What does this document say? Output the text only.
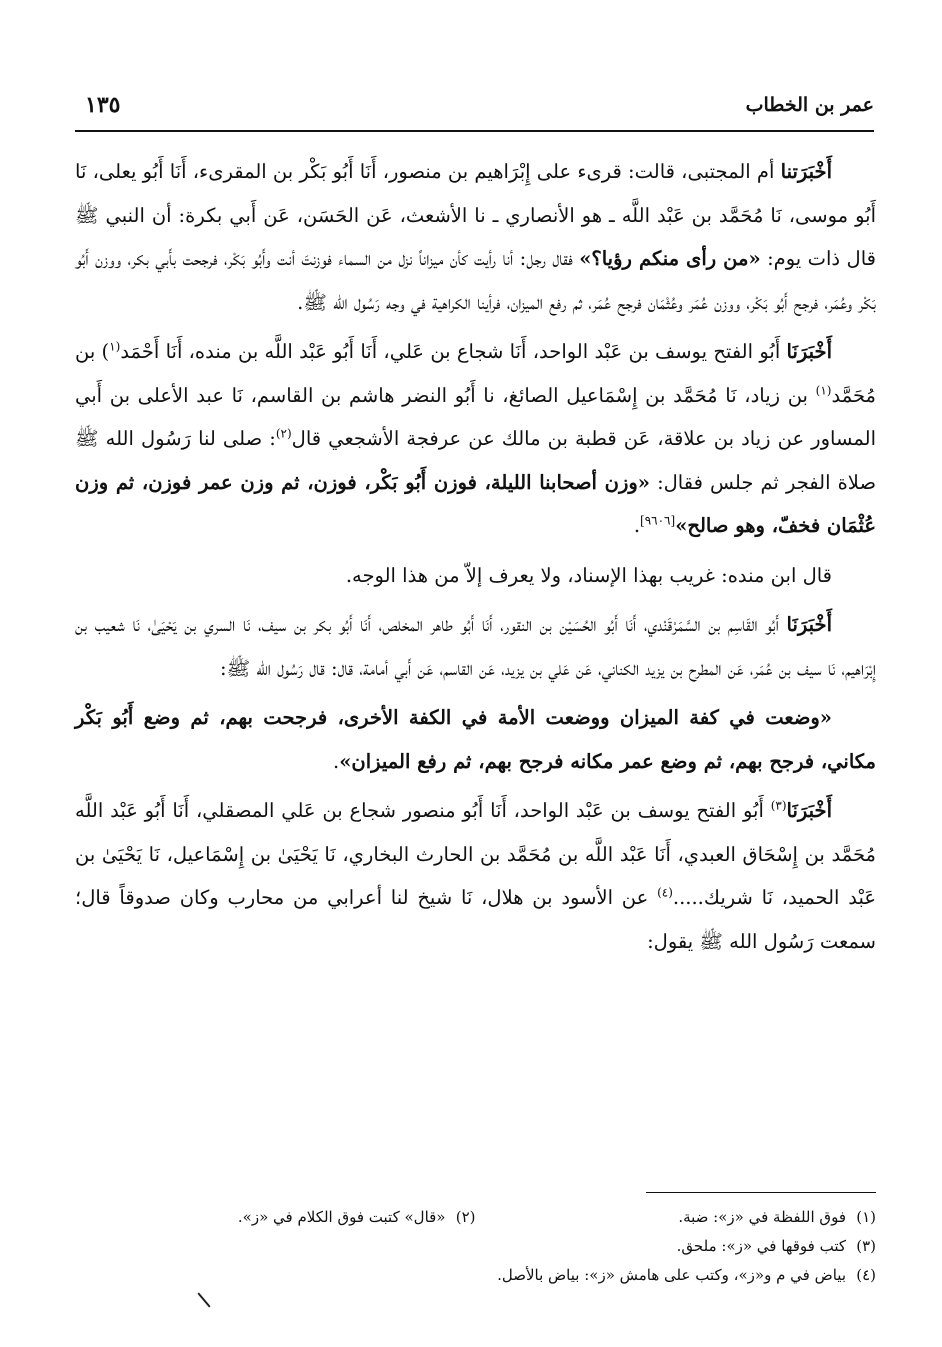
عمر بن الخطاب
١٣٥

أَخْبَرَتنا أم المجتبى، قالت: قرىء على إِبْرَاهيم بن منصور، أَنَا أَبُو بَكْر بن المقرىء، أَنَا أَبُو يعلى، نَا أَبُو موسى، نَا مُحَمَّد بن عَبْد اللَّه ـ هو الأنصاري ـ نا الأشعث، عَن الحَسَن، عَن أَبي بكرة: أن النبي ﷺ قال ذات يوم: «من رأى منكم رؤيا؟» فقال رجل: أنا رأيت كأن ميزاناً نزل من السماء فوزنتَ أنت وأَبُو بَكْر، فرجحت بأَبي بكر، ووزن أَبُو بَكْر وعُمَر، فرجح أَبُو بَكْر، ووزن عُمَر وعُثْمَان فرجح عُمَر، ثم رفع الميزان، فرأينا الكراهية في وجه رَسُول الله ﷺ.

أَخْبَرَنَا أَبُو الفتح يوسف بن عَبْد الواحد، أَنَا شجاع بن عَلي، أَنَا أَبُو عَبْد اللَّه بن منده، أَنَا أَحْمَد$^{(١}$) بن مُحَمَّد$^{(١)}$ بن زياد، نَا مُحَمَّد بن إِسْمَاعيل الصائغ، نا أَبُو النضر هاشم بن القاسم، نَا عبد الأعلى بن أَبي المساور عن زياد بن علاقة، عَن قطبة بن مالك عن عرفجة الأشجعي قال$^{(٢)}$: صلى لنا رَسُول الله ﷺ صلاة الفجر ثم جلس فقال: «وزن أصحابنا الليلة، فوزن أَبُو بَكْر، فوزن، ثم وزن عمر فوزن، ثم وزن عُثْمَان فخفّ، وهو صالح»[٩٦٠٦].

قال ابن منده: غريب بهذا الإسناد، ولا يعرف إلاّ من هذا الوجه.

أَخْبَرَنَا أَبُو القَاسِم بن السَّمَرْقَنْدي، أَنَا أَبُو الحُسَيْن بن النقور، أَنَا أَبُو طاهر المخلص، أَنَا أَبُو بكر بن سيف، نَا السري بن يَحْيَىٰ، نَا شعيب بن إِبْرَاهيم، نَا سيف بن عُمَر، عَن المطرح بن يزيد الكناني، عَن عَلي بن يزيد، عَن القاسم، عَن أَبي أمامة، قال: قال رَسُول الله ﷺ:

«وضعت في كفة الميزان ووضعت الأمة في الكفة الأخرى، فرجحت بهم، ثم وضع أَبُو بَكْر مكاني، فرجح بهم، ثم وضع عمر مكانه فرجح بهم، ثم رفع الميزان».

أَخْبَرَنَا$^{(٣)}$ أَبُو الفتح يوسف بن عَبْد الواحد، أَنَا أَبُو منصور شجاع بن عَلي المصقلي، أَنَا أَبُو عَبْد اللَّه مُحَمَّد بن إِسْحَاق العبدي، أَنَا عَبْد اللَّه بن مُحَمَّد بن الحارث البخاري، نَا يَحْيَىٰ بن إِسْمَاعيل، نَا يَحْيَىٰ بن عَبْد الحميد، نَا شريك.....$^{(٤)}$ عن الأسود بن هلال، نَا شيخ لنا أعرابي من محارب وكان صدوقاً قال؛ سمعت رَسُول الله ﷺ يقول:

(١)فوق اللفظة في «ز»: ضبة.
(٢)«قال» كتبت فوق الكلام في «ز».
(٣)كتب فوقها في «ز»: ملحق.
(٤)بياض في م و«ز»، وكتب على هامش «ز»: بياض بالأصل.
